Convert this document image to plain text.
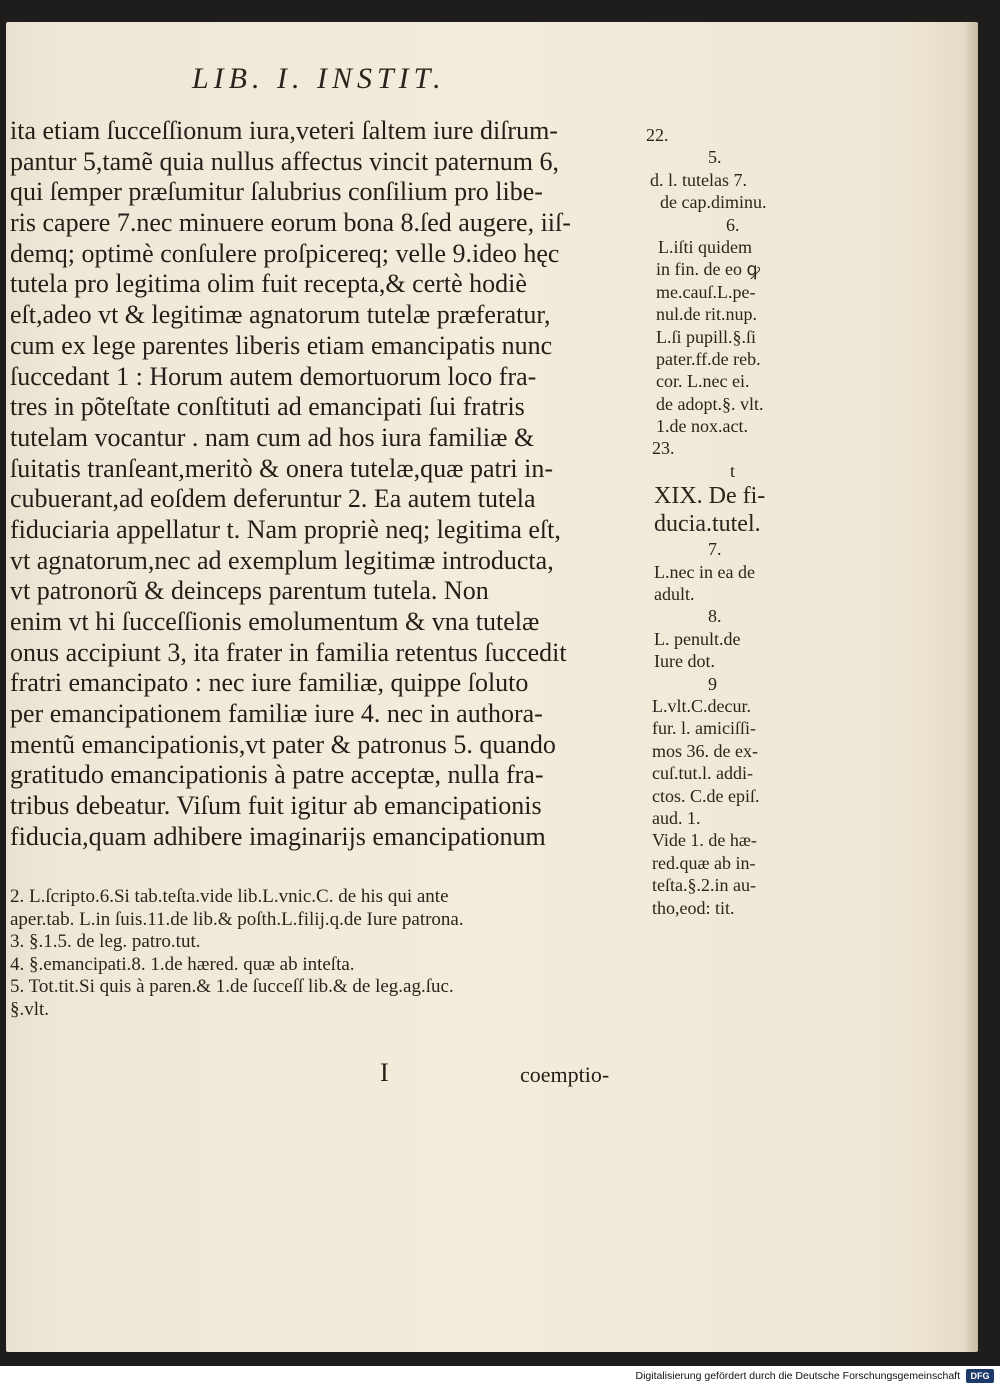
LIB. I. INSTIT.
ita etiam ſucceſſionum iura,veteri ſaltem iure diſrum-
pantur 5,tamẽ quia nullus affectus vincit paternum 6,
qui ſemper præſumitur ſalubrius conſilium pro libe-
ris capere 7.nec minuere eorum bona 8.ſed augere, iiſ-
demq; optimè conſulere proſpicereq; velle 9.ideo hęc
tutela pro legitima olim fuit recepta,& certè hodiè
eſt,adeo vt & legitimæ agnatorum tutelæ præferatur,
cum ex lege parentes liberis etiam emancipatis nunc
ſuccedant 1 : Horum autem demortuorum loco fra-
tres in põteſtate conſtituti ad emancipati ſui fratris
tutelam vocantur . nam cum ad hos iura familiæ &
ſuitatis tranſeant,meritò & onera tutelæ,quæ patri in-
cubuerant,ad eoſdem deferuntur 2. Ea autem tutela
fiduciaria appellatur t. Nam propriè neq; legitima eſt,
vt agnatorum,nec ad exemplum legitimæ introducta,
vt patronorũ & deinceps parentum tutela. Non
enim vt hi ſucceſſionis emolumentum & vna tutelæ
onus accipiunt 3, ita frater in familia retentus ſuccedit
fratri emancipato : nec iure familiæ, quippe ſoluto
per emancipationem familiæ iure 4. nec in authora-
mentũ emancipationis,vt pater & patronus 5. quando
gratitudo emancipationis à patre acceptæ, nulla fra-
tribus debeatur. Viſum fuit igitur ab emancipationis
fiducia,quam adhibere imaginarijs emancipationum
2. L.ſcripto.6.Si tab.teſta.vide lib.L.vnic.C. de his qui ante
aper.tab. L.in ſuis.11.de lib.& poſth.L.filij.q.de Iure patrona.
3. §.1.5. de leg. patro.tut.
4. §.emancipati.8. 1.de hæred. quæ ab inteſta.
5. Tot.tit.Si quis à paren.& 1.de ſucceſſ lib.& de leg.ag.ſuc.
§.vlt.
I	coemptio-
22.
5.
d. l. tutelas 7.
de cap.diminu.
6.
L.iſti quidem
in fin. de eo ꝙ
me.cauſ.L.pe-
nul.de rit.nup.
L.ſi pupill.§.ſi
pater.ff.de reb.
cor. L.nec ei.
de adopt.§. vlt.
1.de nox.act.
23.
t
XIX. De fi-
ducia.tutel.
7.
L.nec in ea de
adult.
8.
L. penult.de
Iure dot.
9
L.vlt.C.decur.
fur. l. amiciſſi-
mos 36. de ex-
cuſ.tut.l. addi-
ctos. C.de epiſ.
aud. 1.
Vide 1. de hæ-
red.quæ ab in-
teſta.§.2.in au-
tho,eod: tit.
Digitalisierung gefördert durch die Deutsche Forschungsgemeinschaft	DFG
